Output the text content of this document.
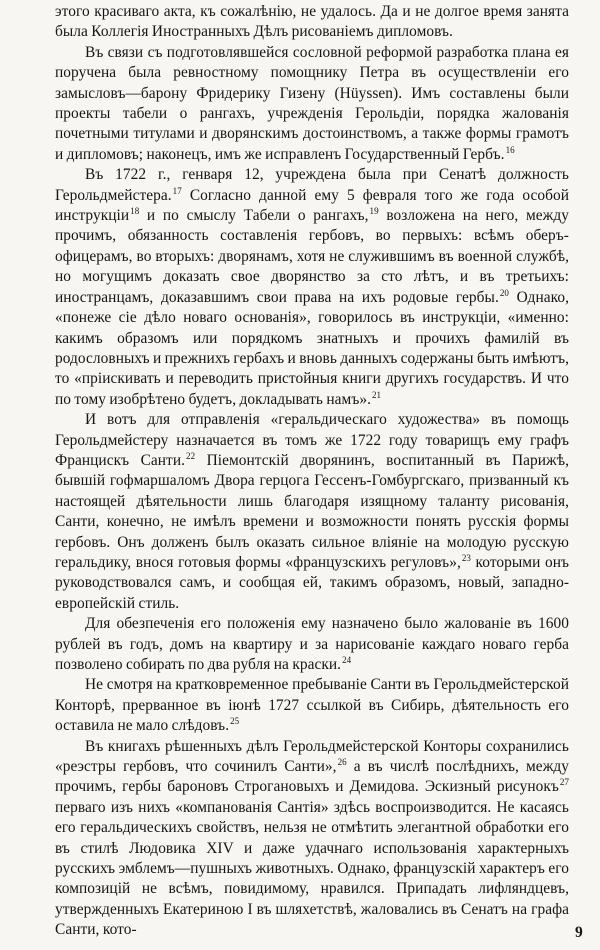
этого красиваго акта, къ сожалѣнію, не удалось. Да и не долгое время занята была Коллегія Иностранныхъ Дѣлъ рисованіемъ дипломовъ.

Въ связи съ подготовлявшейся сословной реформой разработка плана ея поручена была ревностному помощнику Петра въ осуществленіи его замысловъ—барону Фридерику Гизену (Hüyssen). Имъ составлены были проекты табели о рангахъ, учрежденія Герольдіи, порядка жалованія почетными титулами и дворянскимъ достоинствомъ, а также формы грамотъ и дипломовъ; наконецъ, имъ же исправленъ Государственный Гербъ.$^{16}$

Въ 1722 г., генваря 12, учреждена была при Сенатѣ должность Герольдмейстера.$^{17}$ Согласно данной ему 5 февраля того же года особой инструкціи$^{18}$ и по смыслу Табели о рангахъ,$^{19}$ возложена на него, между прочимъ, обязанность составленія гербовъ, во первыхъ: всѣмъ оберъ-офицерамъ, во вторыхъ: дворянамъ, хотя не служившимъ въ военной службѣ, но могущимъ доказать свое дворянство за сто лѣтъ, и въ третьихъ: иностранцамъ, доказавшимъ свои права на ихъ родовые гербы.$^{20}$ Однако, «понеже сіе дѣло новаго основанія», говорилось въ инструкціи, «именно: какимъ образомъ или порядкомъ знатныхъ и прочихъ фамилій въ родословныхъ и прежнихъ гербахъ и вновь данныхъ содержаны быть имѣютъ, то «пріискивать и переводить пристойныя книги другихъ государствъ. И что по тому изобрѣтено будетъ, докладывать намъ».$^{21}$

И вотъ для отправленія «геральдическаго художества» въ помощь Герольдмейстеру назначается въ томъ же 1722 году товарищъ ему графъ Францискъ Санти.$^{22}$ Піемонтскій дворянинъ, воспитанный въ Парижѣ, бывшій гофмаршаломъ Двора герцога Гессенъ-Гомбургскаго, призванный къ настоящей дѣятельности лишь благодаря изящному таланту рисованія, Санти, конечно, не имѣлъ времени и возможности понять русскія формы гербовъ. Онъ долженъ былъ оказать сильное вліяніе на молодую русскую геральдику, внося готовыя формы «французскихъ регуловъ»,$^{23}$ которыми онъ руководствовался самъ, и сообщая ей, такимъ образомъ, новый, западно-европейскій стиль.

Для обезпеченія его положенія ему назначено было жалованіе въ 1600 рублей въ годъ, домъ на квартиру и за нарисованіе каждаго новаго герба позволено собирать по два рубля на краски.$^{24}$

Не смотря на кратковременное пребываніе Санти въ Герольдмейстерской Конторѣ, прерванное въ іюнѣ 1727 ссылкой въ Сибирь, дѣятельность его оставила не мало слѣдовъ.$^{25}$

Въ книгахъ рѣшенныхъ дѣлъ Герольдмейстерской Конторы сохранились «реэстры гербовъ, что сочинилъ Санти»,$^{26}$ а въ числѣ послѣднихъ, между прочимъ, гербы бароновъ Строгановыхъ и Демидова. Эскизный рисунокъ$^{27}$ перваго изъ нихъ «компанованія Сантія» здѣсь воспроизводится. Не касаясь его геральдическихъ свойствъ, нельзя не отмѣтить элегантной обработки его въ стилѣ Людовика XIV и даже удачнаго использованія характерныхъ русскихъ эмблемъ—пушныхъ животныхъ. Однако, французскій характеръ его композицій не всѣмъ, повидимому, нравился. Припадать лифляндцевъ, утвержденныхъ Екатериною I въ шляхетствѣ, жаловались въ Сенатъ на графа Санти, кото-	9
